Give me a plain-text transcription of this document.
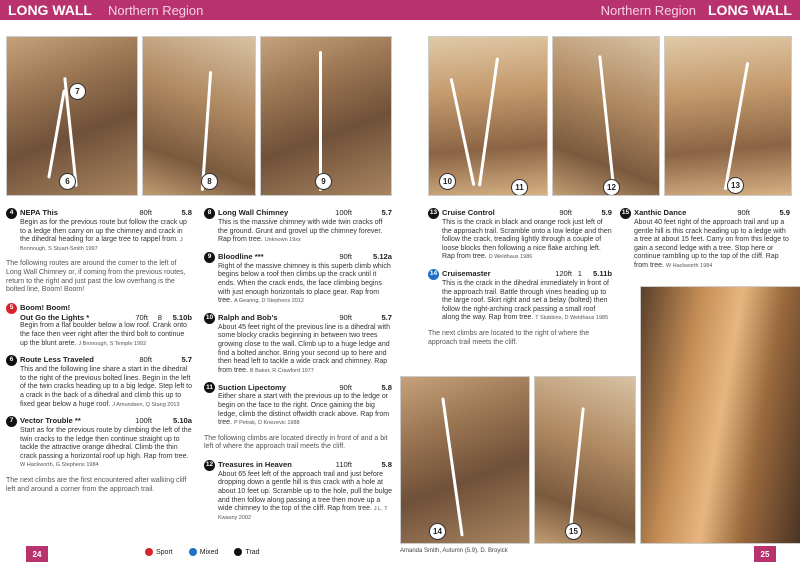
LONG WALL Northern Region
7
6	8	9
4 NEPA This	80ft	5.8
Begin as for the previous route but follow the crack up to a ledge then carry on up the chimney and crack in the dihedral heading for a large tree to rappel from. J Bonnough, S Stuart-Smith 1997
The following routes are around the corner to the left of Long Wall Chimney or, if coming from the previous routes, return to the right and just past the low overhang is the bolted line, Boom! Boom!
5 Boom! Boom!
Out Go the Lights *	70ft	8	5.10b
Begin from a flat boulder below a low roof. Crank onto the face then veer right after the third bolt to continue up the blunt arete. J Bronough, S Temple 1992
6 Route Less Traveled	80ft	5.7
This and the following line share a start in the dihedral to the right of the previous bolted lines. Begin in the left of the twin cracks heading up to a big ledge. Step left to a crack in the back of a dihedral and climb this up to fixed gear below a huge roof. J Amundsen, Q Stang 2013
7 Vector Trouble **	100ft	5.10a
Start as for the previous route by climbing the left of the twin cracks to the ledge then continue straight up to tackle the attractive orange dihedral. Climb the thin crack passing a horizontal roof up high. Rap from tree. W Hackworth, G Stephens 1984
The next climbs are the first encountered after walking cliff left and around a corner from the approach trail.
8 Long Wall Chimney	100ft	5.7
This is the massive chimney with wide twin cracks off the ground. Grunt and grovel up the chimney forever. Rap from tree. Unknown 19xx
9 Bloodline ***	90ft	5.12a
Right of the massive chimney is this superb climb which begins below a roof then climbs up the crack until it ends. When the crack ends, the face climbing begins with just enough horizontals to place gear. Rap from tree. A Gearing, D Stephens 2012
10 Ralph and Bob's	90ft	5.7
About 45 feet right of the previous line is a dihedral with some blocky cracks beginning in between two trees growing close to the wall. Climb up to a huge ledge and find a bolted anchor. Bring your second up to here and then head left to tackle a wide crack and chimney. Rap from tree. B Baker, R Crawford 1977
11 Suction Lipectomy	90ft	5.8
Either share a start with the previous up to the ledge or begin on the face to the right. Once gaining the big ledge, climb the distinct offwidth crack above. Rap from tree. P Petrak, D Knezevic 1988
The following climbs are located directly in front of and a bit left of where the approach trail meets the cliff.
12 Treasures in Heaven	110ft	5.8
About 65 feet left of the approach trail and just before dropping down a gentle hill is this crack with a hole at about 10 feet up. Scramble up to the hole, pull the bulge and then follow along passing a tree then move up a wide chimney to the top of the cliff. Rap from tree. J.L, T Kwasny 2002
24	Sport	Mixed	Trad
Northern Region LONG WALL
10
11	12	13
13 Cruise Control	90ft	5.9
This is the crack in black and orange rock just left of the approach trail. Scramble onto a low ledge and then follow the crack, treading lightly through a couple of loose blocks then following a nice flake arching left. Rap from tree. D Weldhaus 1986
14 Cruisemaster	120ft 1	5.11b
This is the crack in the dihedral immediately in front of the approach trail. Battle through vines heading up to the large roof. Skirt right and set a belay (bolted) then follow the right-arching crack passing a small roof along the way. Rap from tree. T Stubbins, D Weldhaus 1985
The next climbs are located to the right of where the approach trail meets the cliff.
15 Xanthic Dance	90ft	5.9
About 40 feet right of the approach trail and up a gentle hill is this crack heading up to a ledge with a tree at about 15 feet. Carry on from this ledge to gain a second ledge with a tree. Stop here or continue rambling up to the top of the cliff. Rap from tree. W Hackworth 1984
14	15
Amanda Smith, Autumn (5.9), D. Broyick	25
